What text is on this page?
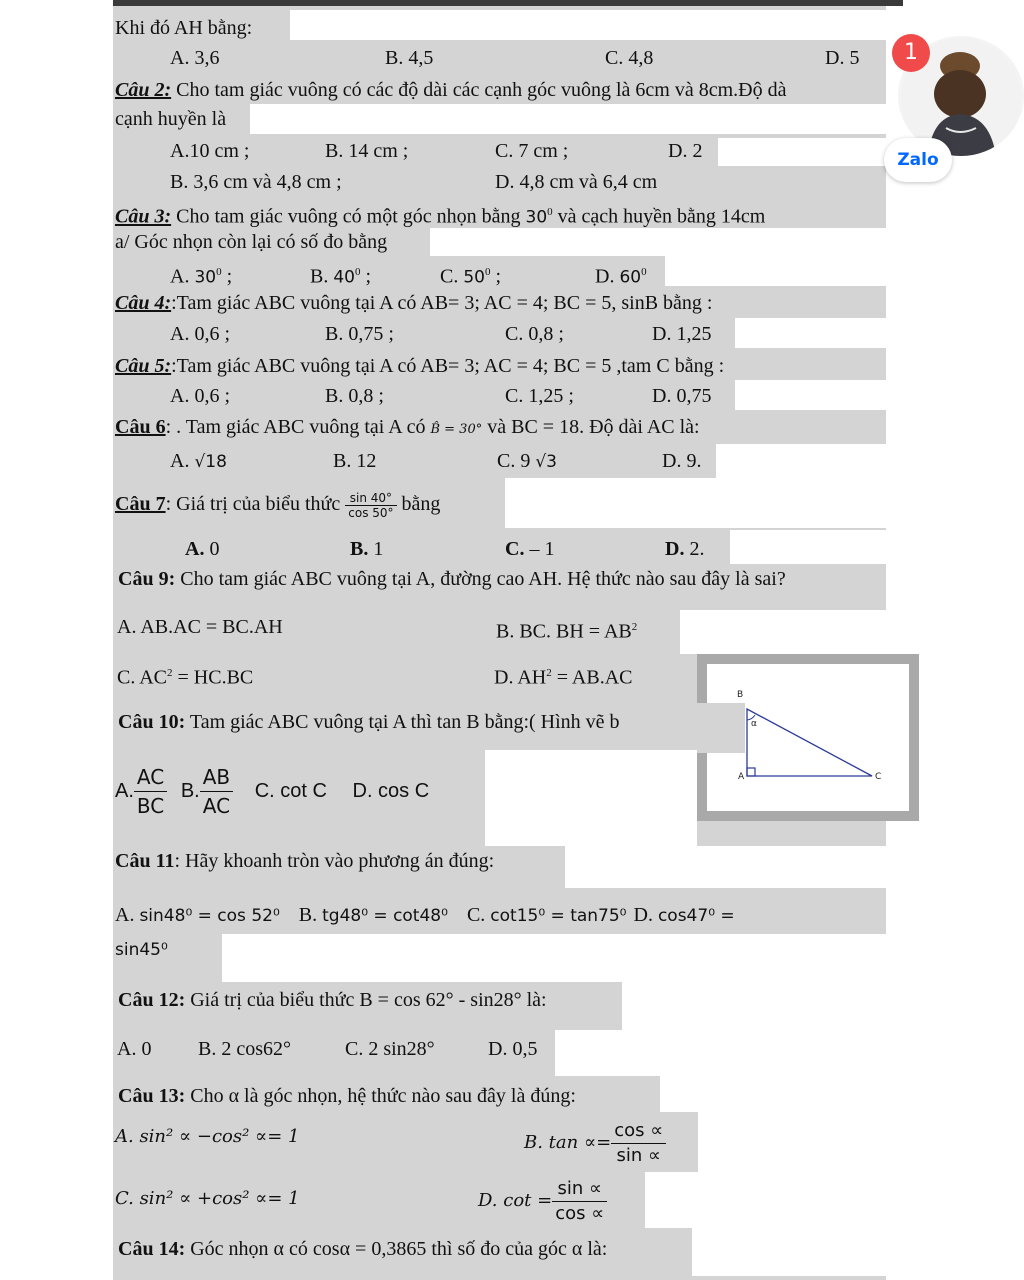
Khi đó AH bằng:
A. 3,6	B. 4,5	C. 4,8	D. 5
Câu 2: Cho tam giác vuông có các độ dài các cạnh góc vuông là 6cm và 8cm.Độ dà
cạnh huyền là
A.10 cm ;	B. 14 cm ;	C. 7 cm ;	D. 2
B. 3,6 cm và 4,8 cm ;	D. 4,8 cm và 6,4 cm
Câu 3: Cho tam giác vuông có một góc nhọn bằng $30^0$ và cạch huyền bằng 14cm
a/ Góc nhọn còn lại có số đo bằng
A. $30^0$ ;	B. $40^0$ ;	C. $50^0$ ;	D. $60^0$
Câu 4::Tam giác ABC vuông tại A có AB= 3; AC = 4; BC = 5, sinB bằng :
A. 0,6 ;	B. 0,75 ;	C. 0,8 ;	D. 1,25
Câu 5::Tam giác ABC vuông tại A có AB= 3; AC = 4; BC = 5 ,tam C bằng :
A. 0,6 ;	B. 0,8 ;	C. 1,25 ;	D. 0,75
Câu 6: . Tam giác ABC vuông tại A có B̂ = 30° và BC = 18. Độ dài AC là:
A. √18	B. 12	C. 9 √3	D. 9.
Câu 7: Giá trị của biểu thức $\frac{\sin 40^\circ}{\cos 50^\circ}$ bằng
A. 0	B. 1	C. – 1	D. 2.
Câu 9: Cho tam giác ABC vuông tại A, đường cao AH. Hệ thức nào sau đây là sai?
A. AB.AC = BC.AH	B. BC. BH = $AB^2$
C. $AC^2 = HC.BC$	D. $AH^2 = AB.AC$
Câu 10: Tam giác ABC vuông tại A thì tan B bằng:( Hình vẽ b
A. $\frac{AC}{BC} B$. $\frac{AB}{AC} C$. cot C D. cos C
B
A	C
α
Câu 11: Hãy khoanh tròn vào phương án đúng:
A. sin48⁰ = cos 52⁰ B. tg48⁰ = cot48⁰ C. cot15⁰ = tan75⁰ D. cos47⁰ =
sin45⁰
Câu 12: Giá trị của biểu thức B = cos 62° - sin28° là:
A. 0 B. 2 cos62°	C. 2 sin28°	D. 0,5
Câu 13: Cho α là góc nhọn, hệ thức nào sau đây là đúng:
A. sin² ∝ −cos² ∝= 1	B. $\tan \propto= \frac{\cos \propto}{\sin \propto}$
C. sin² ∝ +cos² ∝= 1	D. $\cot = \frac{\sin \propto}{\cos \propto}$
Câu 14: Góc nhọn α có cosα = 0,3865 thì số đo của góc α là:
1
Zalo
